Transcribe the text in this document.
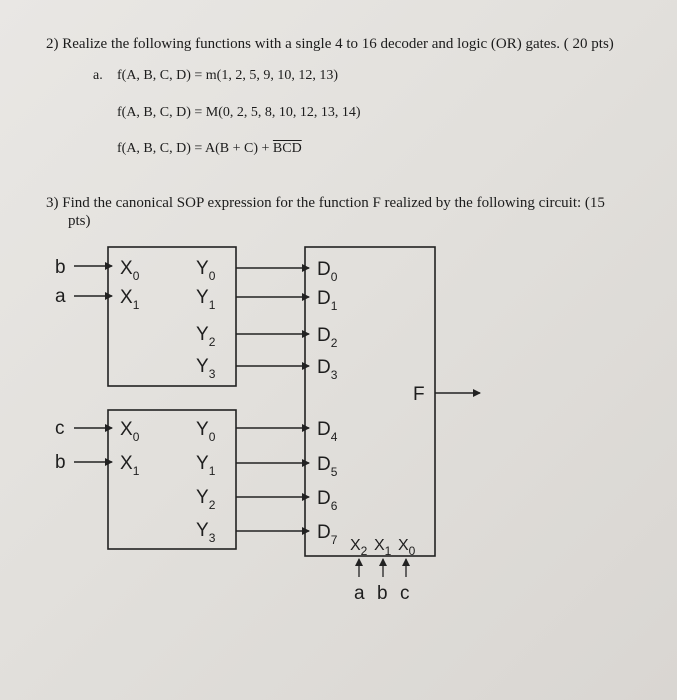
2) Realize the following functions with a single 4 to 16 decoder and logic (OR) gates. ( 20 pts)
a. f(A, B, C, D) = m(1, 2, 5, 9, 10, 12, 13)
f(A, B, C, D) = M(0, 2, 5, 8, 10, 12, 13, 14)
f(A, B, C, $D) = A(B + C) + \overline{BCD}$
3) Find the canonical SOP expression for the function F realized by the following circuit: (15
pts)
b
a
$X_0$
$X_1$
$Y_0$
$Y_1$
$Y_2$
$Y_3$
c
b
$X_0$
$X_1$
$Y_0$
$Y_1$
$Y_2$
$Y_3$
$D_0$
$D_1$
$D_2$
$D_3$
$D_4$
$D_5$
$D_6$
$D_7$ $X_2$ $X_1$ $X_0$
F
a b c
